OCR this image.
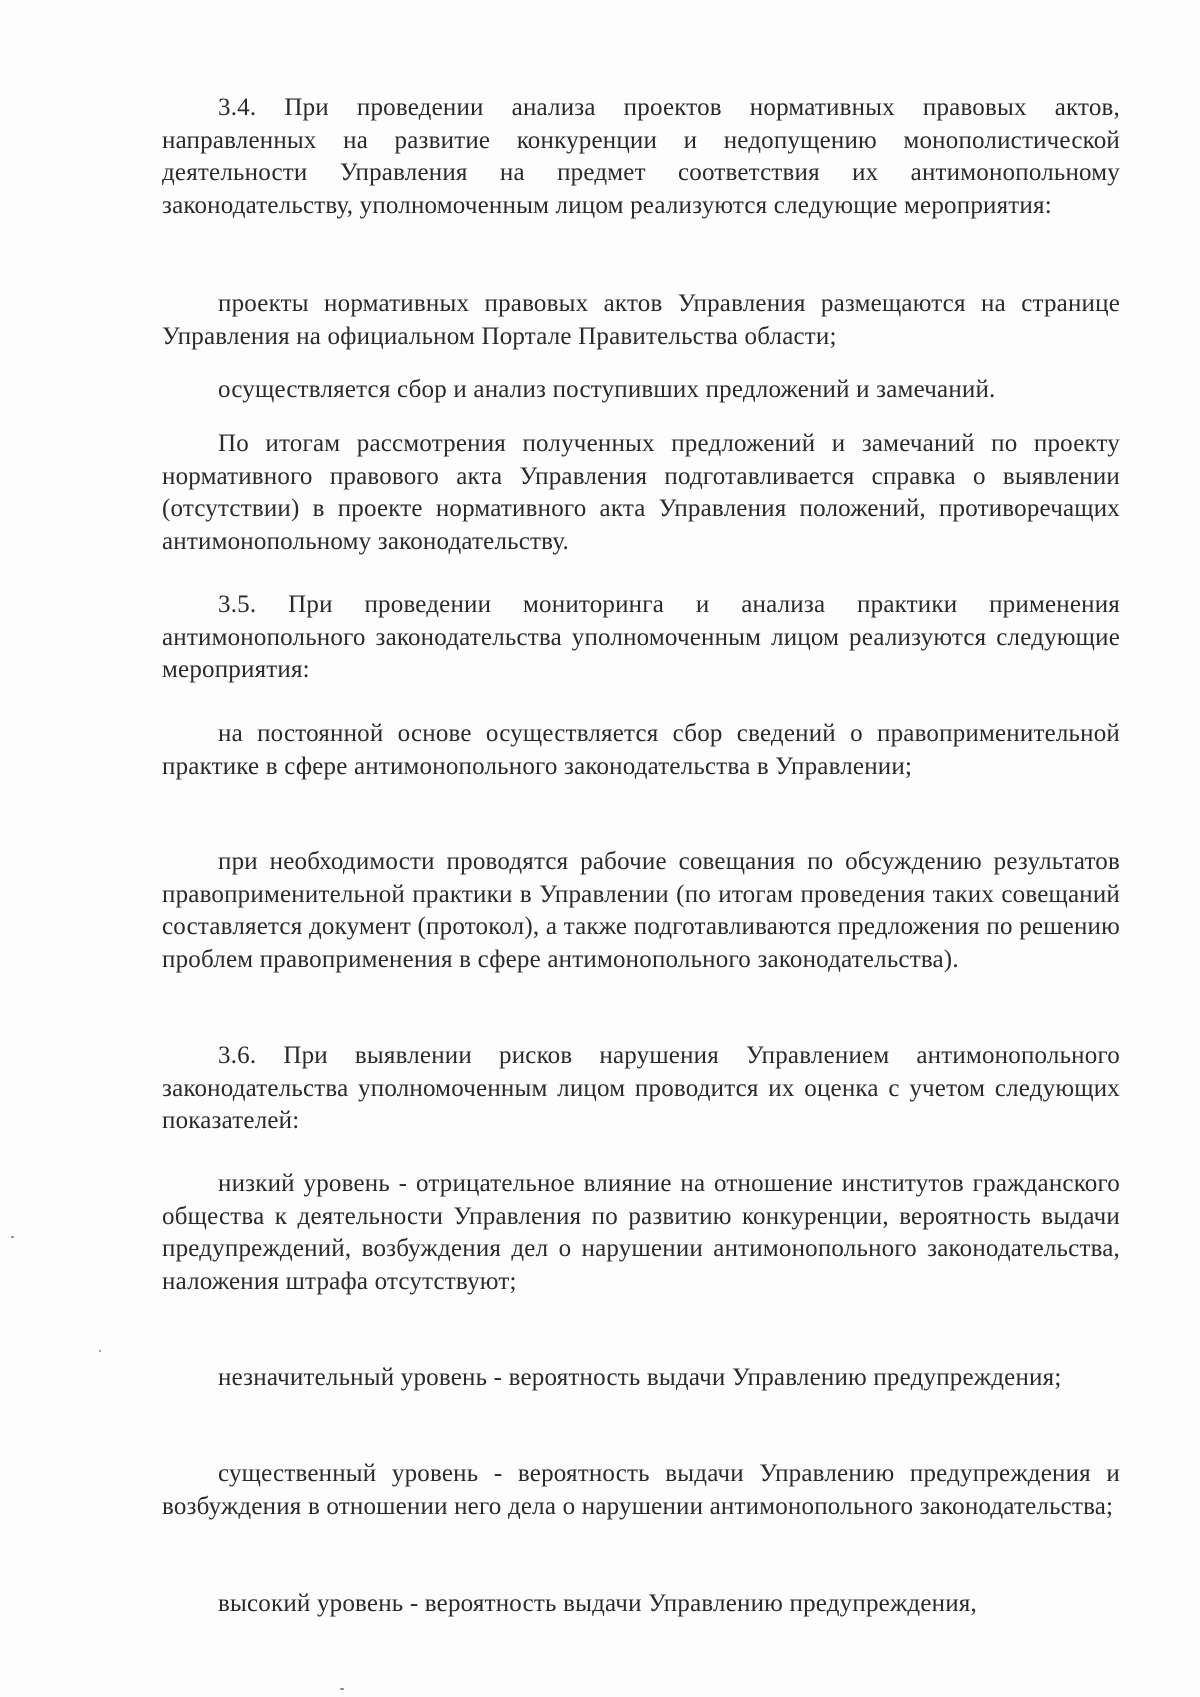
3.4. При проведении анализа проектов нормативных правовых актов, направленных на развитие конкуренции и недопущению монополистической деятельности Управления на предмет соответствия их антимонопольному законодательству, уполномоченным лицом реализуются следующие мероприятия:

проекты нормативных правовых актов Управления размещаются на странице Управления на официальном Портале Правительства области;

осуществляется сбор и анализ поступивших предложений и замечаний.

По итогам рассмотрения полученных предложений и замечаний по проекту нормативного правового акта Управления подготавливается справка о выявлении (отсутствии) в проекте нормативного акта Управления положений, противоречащих антимонопольному законодательству.

3.5. При проведении мониторинга и анализа практики применения антимонопольного законодательства уполномоченным лицом реализуются следующие мероприятия:

на постоянной основе осуществляется сбор сведений о правоприменительной практике в сфере антимонопольного законодательства в Управлении;

при необходимости проводятся рабочие совещания по обсуждению результатов правоприменительной практики в Управлении (по итогам проведения таких совещаний составляется документ (протокол), а также подготавливаются предложения по решению проблем правоприменения в сфере антимонопольного законодательства).

3.6. При выявлении рисков нарушения Управлением антимонопольного законодательства уполномоченным лицом проводится их оценка с учетом следующих показателей:

низкий уровень - отрицательное влияние на отношение институтов гражданского общества к деятельности Управления по развитию конкуренции, вероятность выдачи предупреждений, возбуждения дел о нарушении антимонопольного законодательства, наложения штрафа отсутствуют;

незначительный уровень - вероятность выдачи Управлению предупреждения;

существенный уровень - вероятность выдачи Управлению предупреждения и возбуждения в отношении него дела о нарушении антимонопольного законодательства;

высокий уровень - вероятность выдачи Управлению предупреждения,
